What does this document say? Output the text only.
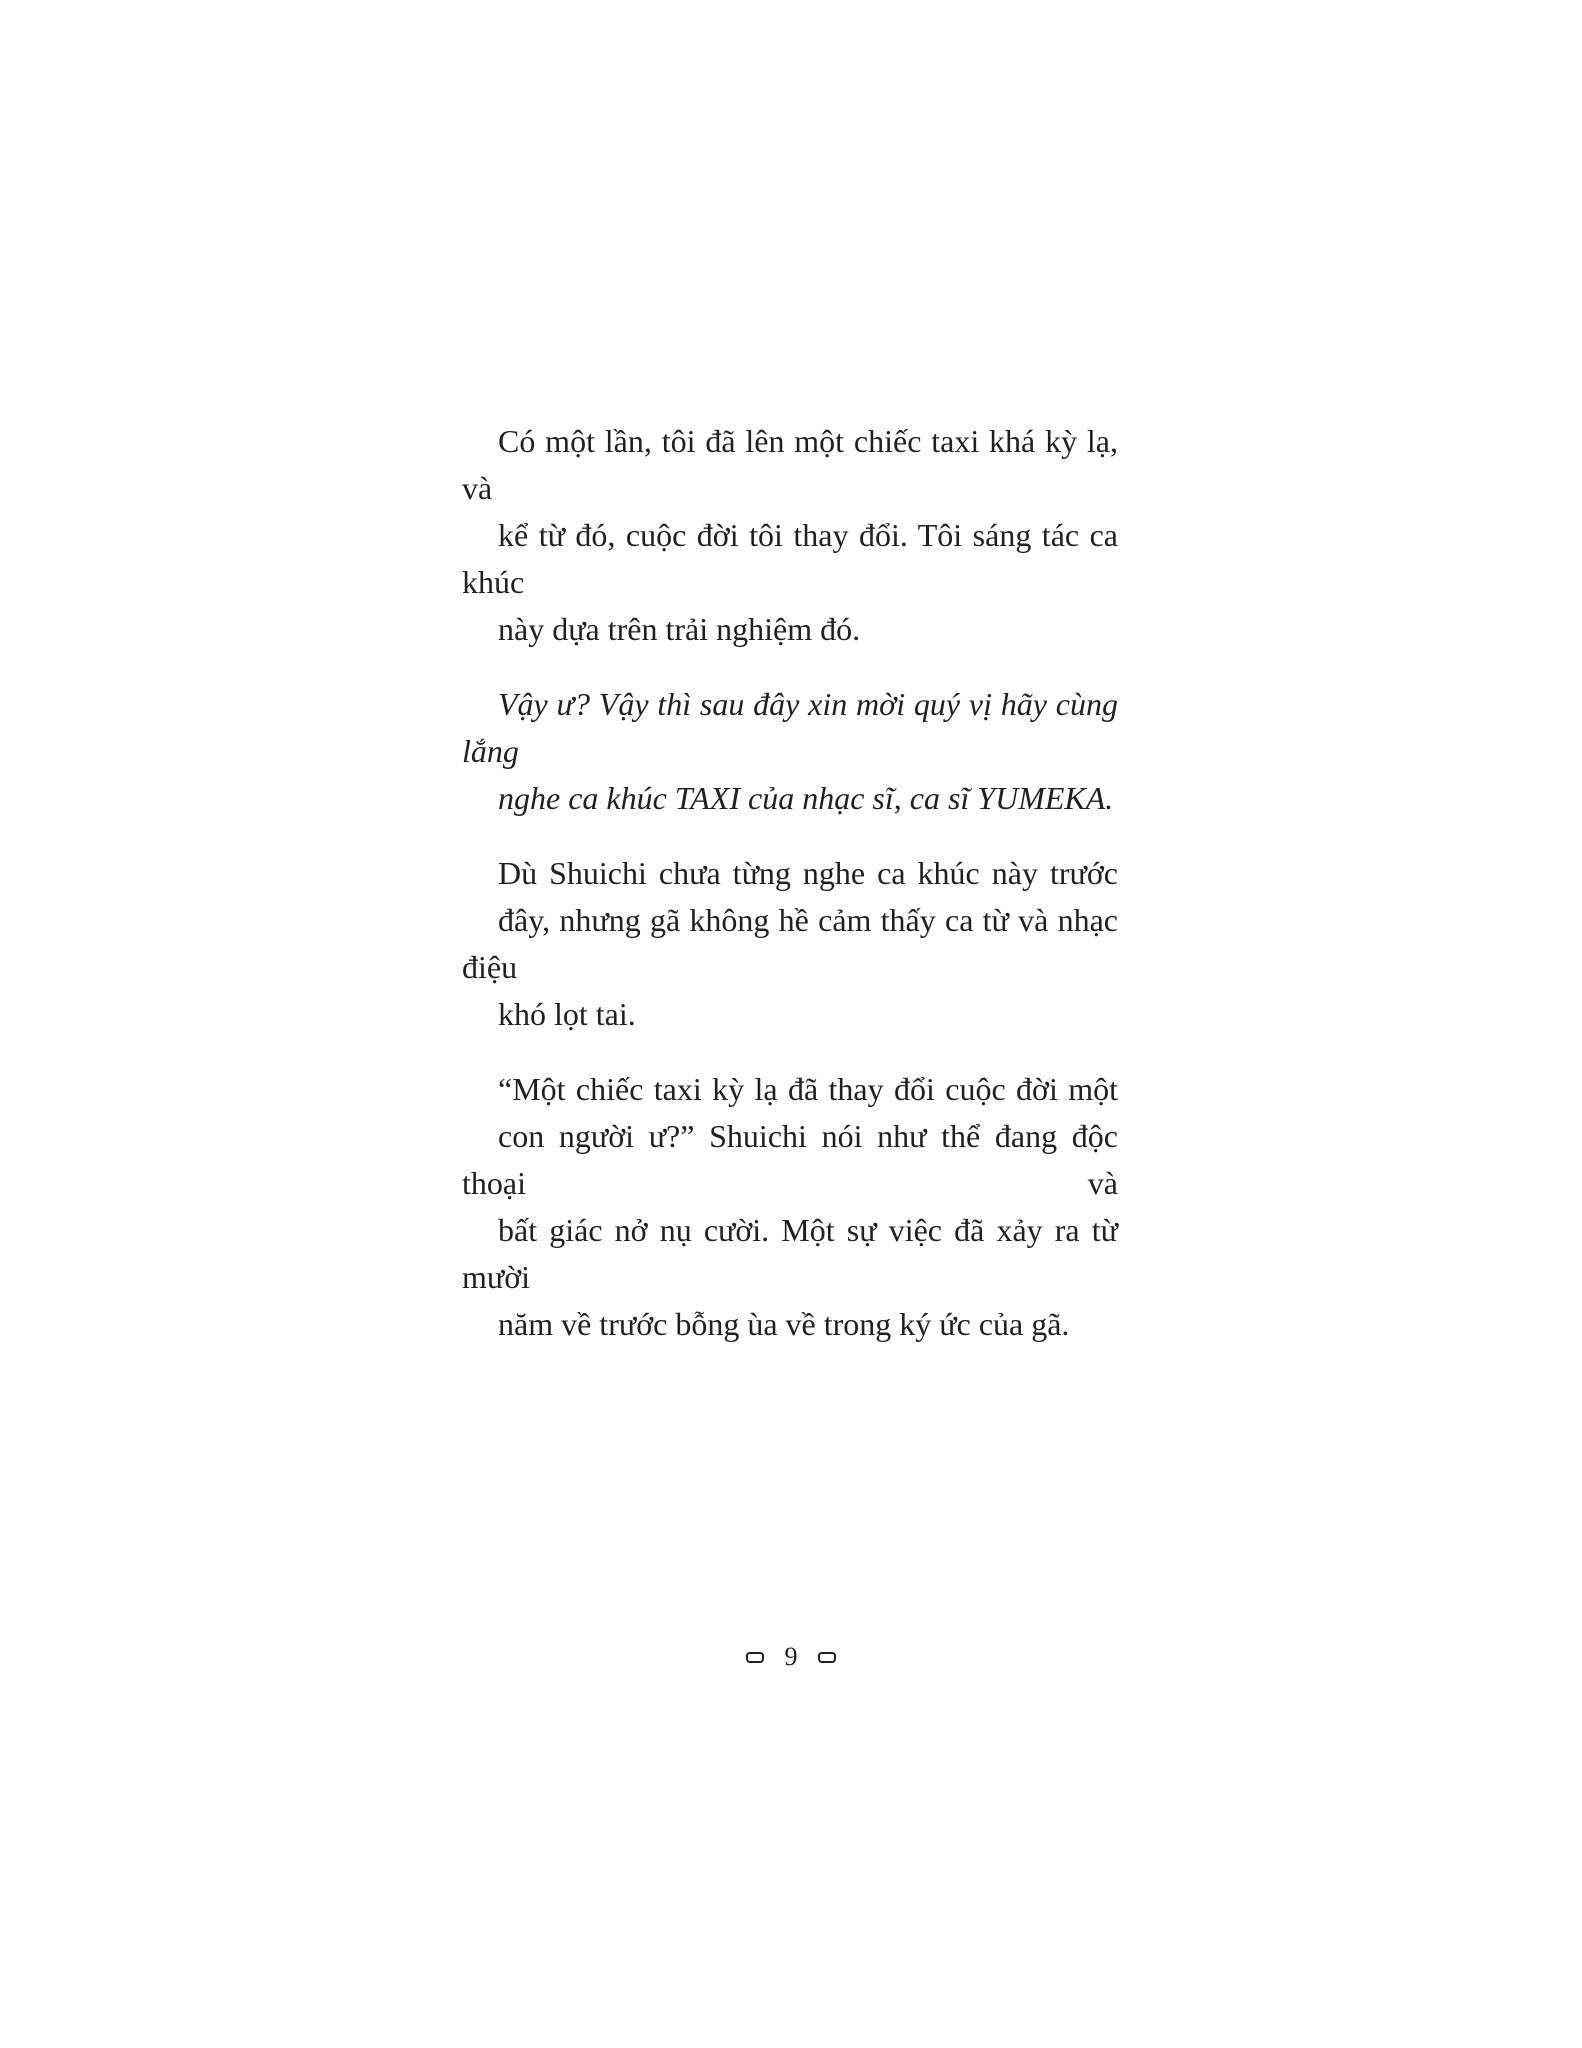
Có một lần, tôi đã lên một chiếc taxi khá kỳ lạ, và
kể từ đó, cuộc đời tôi thay đổi. Tôi sáng tác ca khúc
này dựa trên trải nghiệm đó.

Vậy ư? Vậy thì sau đây xin mời quý vị hãy cùng lắng
nghe ca khúc TAXI của nhạc sĩ, ca sĩ YUMEKA.

Dù Shuichi chưa từng nghe ca khúc này trước
đây, nhưng gã không hề cảm thấy ca từ và nhạc điệu
khó lọt tai.

“Một chiếc taxi kỳ lạ đã thay đổi cuộc đời một
con người ư?” Shuichi nói như thể đang độc thoại và
bất giác nở nụ cười. Một sự việc đã xảy ra từ mười
năm về trước bỗng ùa về trong ký ức của gã.

9
